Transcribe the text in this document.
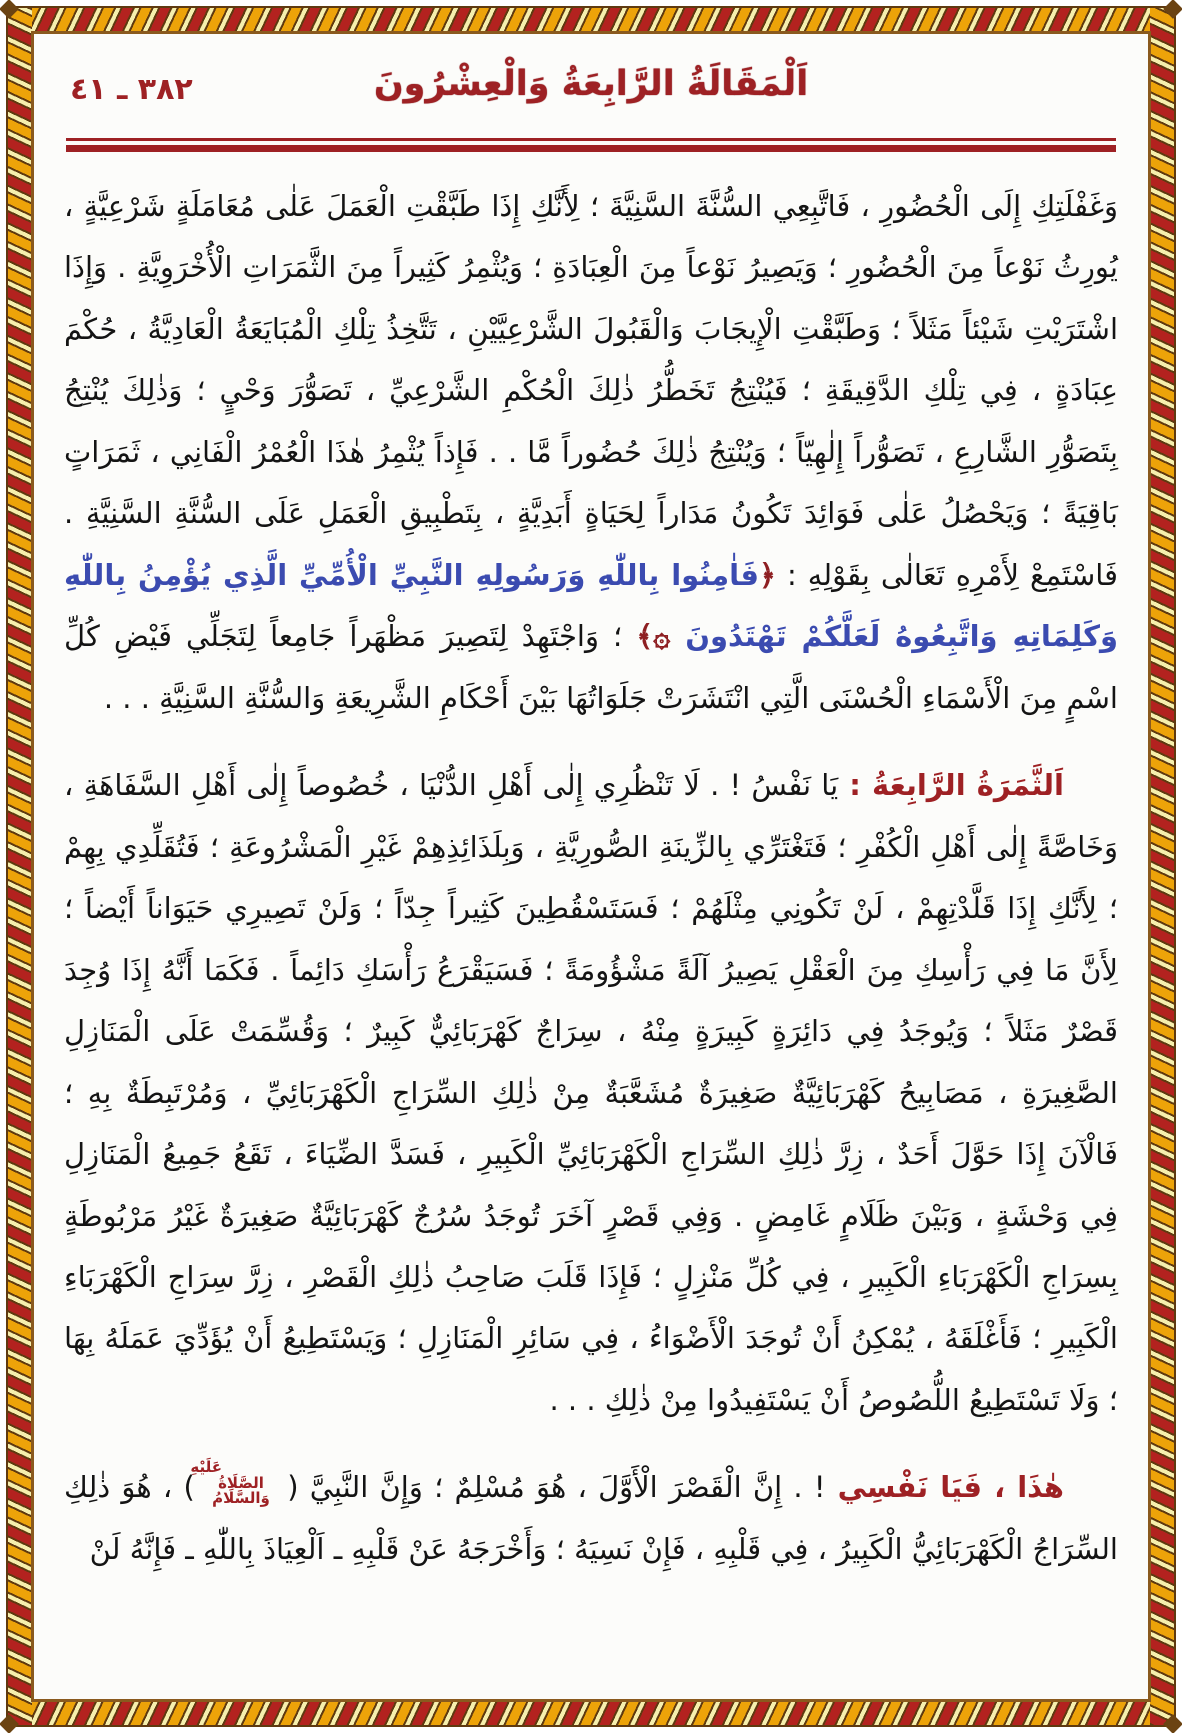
٣٨٢ ـ ٤١	اَلْمَقَالَةُ الرَّابِعَةُ وَالْعِشْرُونَ

وَغَفْلَتِكِ إِلَى الْحُضُورِ ، فَاتَّبِعِي السُّنَّةَ السَّنِيَّةَ ؛ لِأَنَّكِ إِذَا طَبَّقْتِ الْعَمَلَ عَلٰى مُعَامَلَةٍ شَرْعِيَّةٍ ، يُورِثُ نَوْعاً مِنَ الْحُضُورِ ؛ وَيَصِيرُ نَوْعاً مِنَ الْعِبَادَةِ ؛ وَيُثْمِرُ كَثِيراً مِنَ الثَّمَرَاتِ الْأُخْرَوِيَّةِ . وَإِذَا اشْتَرَيْتِ شَيْئاً مَثَلاً ؛ وَطَبَّقْتِ الْإِيجَابَ وَالْقَبُولَ الشَّرْعِيَّيْنِ ، تَتَّخِذُ تِلْكِ الْمُبَايَعَةُ الْعَادِيَّةُ ، حُكْمَ عِبَادَةٍ ، فِي تِلْكِ الدَّقِيقَةِ ؛ فَيُنْتِجُ تَخَطُّرُ ذٰلِكَ الْحُكْمِ الشَّرْعِيِّ ، تَصَوُّرَ وَحْيٍ ؛ وَذٰلِكَ يُنْتِجُ بِتَصَوُّرِ الشَّارِعِ ، تَصَوُّراً إِلٰهِيّاً ؛ وَيُنْتِجُ ذٰلِكَ حُضُوراً مَّا . . فَإِذاً يُثْمِرُ هٰذَا الْعُمْرُ الْفَانِي ، ثَمَرَاتٍ بَاقِيَةً ؛ وَيَحْصُلُ عَلٰى فَوَائِدَ تَكُونُ مَدَاراً لِحَيَاةٍ أَبَدِيَّةٍ ، بِتَطْبِيقِ الْعَمَلِ عَلَى السُّنَّةِ السَّنِيَّةِ . فَاسْتَمِعْ لِأَمْرِهِ تَعَالٰى بِقَوْلِهِ : ﴿فَاٰمِنُوا بِاللّٰهِ وَرَسُولِهِ النَّبِيِّ الْأُمِّيِّ الَّذِي يُؤْمِنُ بِاللّٰهِ وَكَلِمَاتِهِ وَاتَّبِعُوهُ لَعَلَّكُمْ تَهْتَدُونَ ۞﴾ ؛ وَاجْتَهِدْ لِتَصِيرَ مَظْهَراً جَامِعاً لِتَجَلِّي فَيْضِ كُلِّ اسْمٍ مِنَ الْأَسْمَاءِ الْحُسْنَى الَّتِي انْتَشَرَتْ جَلَوَاتُهَا بَيْنَ أَحْكَامِ الشَّرِيعَةِ وَالسُّنَّةِ السَّنِيَّةِ . . .

اَلثَّمَرَةُ الرَّابِعَةُ : يَا نَفْسُ ! . لَا تَنْظُرِي إِلٰى أَهْلِ الدُّنْيَا ، خُصُوصاً إِلٰى أَهْلِ السَّفَاهَةِ ، وَخَاصَّةً إِلٰى أَهْلِ الْكُفْرِ ؛ فَتَغْتَرِّي بِالزِّينَةِ الصُّورِيَّةِ ، وَبِلَذَائِذِهِمْ غَيْرِ الْمَشْرُوعَةِ ؛ فَتُقَلِّدِي بِهِمْ ؛ لِأَنَّكِ إِذَا قَلَّدْتِهِمْ ، لَنْ تَكُونِي مِثْلَهُمْ ؛ فَسَتَسْقُطِينَ كَثِيراً جِدّاً ؛ وَلَنْ تَصِيرِي حَيَوَاناً أَيْضاً ؛ لِأَنَّ مَا فِي رَأْسِكِ مِنَ الْعَقْلِ يَصِيرُ آلَةً مَشْؤُومَةً ؛ فَسَيَقْرَعُ رَأْسَكِ دَائِماً . فَكَمَا أَنَّهُ إِذَا وُجِدَ قَصْرٌ مَثَلاً ؛ وَيُوجَدُ فِي دَائِرَةٍ كَبِيرَةٍ مِنْهُ ، سِرَاجٌ كَهْرَبَائِيٌّ كَبِيرٌ ؛ وَقُسِّمَتْ عَلَى الْمَنَازِلِ الصَّغِيرَةِ ، مَصَابِيحُ كَهْرَبَائِيَّةٌ صَغِيرَةٌ مُشَعَّبَةٌ مِنْ ذٰلِكِ السِّرَاجِ الْكَهْرَبَائِيِّ ، وَمُرْتَبِطَةٌ بِهِ ؛ فَالْآنَ إِذَا حَوَّلَ أَحَدٌ ، زِرَّ ذٰلِكِ السِّرَاجِ الْكَهْرَبَائِيِّ الْكَبِيرِ ، فَسَدَّ الضِّيَاءَ ، تَقَعُ جَمِيعُ الْمَنَازِلِ فِي وَحْشَةٍ ، وَبَيْنَ ظَلَامٍ غَامِضٍ . وَفِي قَصْرٍ آخَرَ تُوجَدُ سُرُجٌ كَهْرَبَائِيَّةٌ صَغِيرَةٌ غَيْرُ مَرْبُوطَةٍ بِسِرَاجِ الْكَهْرَبَاءِ الْكَبِيرِ ، فِي كُلِّ مَنْزِلٍ ؛ فَإِذَا قَلَبَ صَاحِبُ ذٰلِكِ الْقَصْرِ ، زِرَّ سِرَاجِ الْكَهْرَبَاءِ الْكَبِيرِ ؛ فَأَغْلَقَهُ ، يُمْكِنُ أَنْ تُوجَدَ الْأَضْوَاءُ ، فِي سَائِرِ الْمَنَازِلِ ؛ وَيَسْتَطِيعُ أَنْ يُؤَدِّيَ عَمَلَهُ بِهَا ؛ وَلَا تَسْتَطِيعُ اللُّصُوصُ أَنْ يَسْتَفِيدُوا مِنْ ذٰلِكِ . . .

هٰذَا ، فَيَا نَفْسِي ! . إِنَّ الْقَصْرَ الْأَوَّلَ ، هُوَ مُسْلِمٌ ؛ وَإِنَّ النَّبِيَّ ( عَلَيْهِ الصَّلَاةُ وَالسَّلَامُ ) ، هُوَ ذٰلِكِ السِّرَاجُ الْكَهْرَبَائِيُّ الْكَبِيرُ ، فِي قَلْبِهِ ، فَإِنْ نَسِيَهُ ؛ وَأَخْرَجَهُ عَنْ قَلْبِهِ ـ اَلْعِيَاذَ بِاللّٰهِ ـ فَإِنَّهُ لَنْ
